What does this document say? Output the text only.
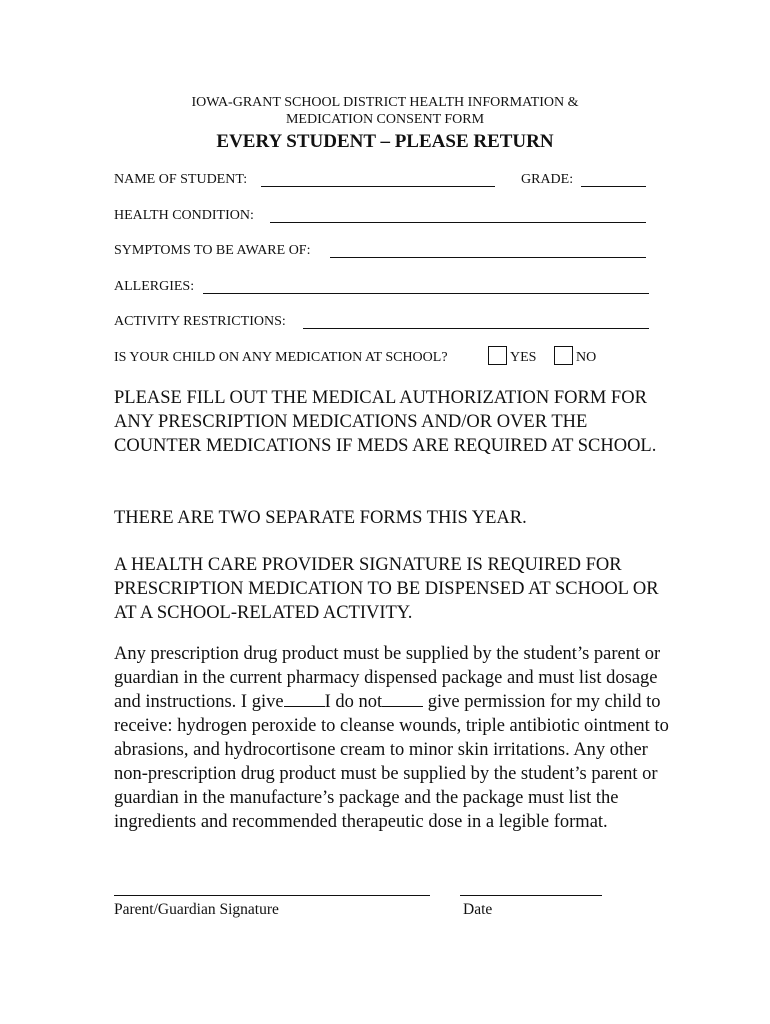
IOWA-GRANT SCHOOL DISTRICT HEALTH INFORMATION &
MEDICATION CONSENT FORM
EVERY STUDENT – PLEASE RETURN
NAME OF STUDENT:	GRADE:
HEALTH CONDITION:
SYMPTOMS TO BE AWARE OF:
ALLERGIES:
ACTIVITY RESTRICTIONS:
IS YOUR CHILD ON ANY MEDICATION AT SCHOOL?	YES	NO
PLEASE FILL OUT THE MEDICAL AUTHORIZATION FORM FOR ANY PRESCRIPTION MEDICATIONS AND/OR OVER THE COUNTER MEDICATIONS IF MEDS ARE REQUIRED AT SCHOOL.
THERE ARE TWO SEPARATE FORMS THIS YEAR.
A HEALTH CARE PROVIDER SIGNATURE IS REQUIRED FOR PRESCRIPTION MEDICATION TO BE DISPENSED AT SCHOOL OR AT A SCHOOL-RELATED ACTIVITY.
Any prescription drug product must be supplied by the student’s parent or guardian in the current pharmacy dispensed package and must list dosage and instructions. I give I do not give permission for my child to receive: hydrogen peroxide to cleanse wounds, triple antibiotic ointment to abrasions, and hydrocortisone cream to minor skin irritations. Any other non-prescription drug product must be supplied by the student’s parent or guardian in the manufacture’s package and the package must list the ingredients and recommended therapeutic dose in a legible format.
Parent/Guardian Signature	Date
